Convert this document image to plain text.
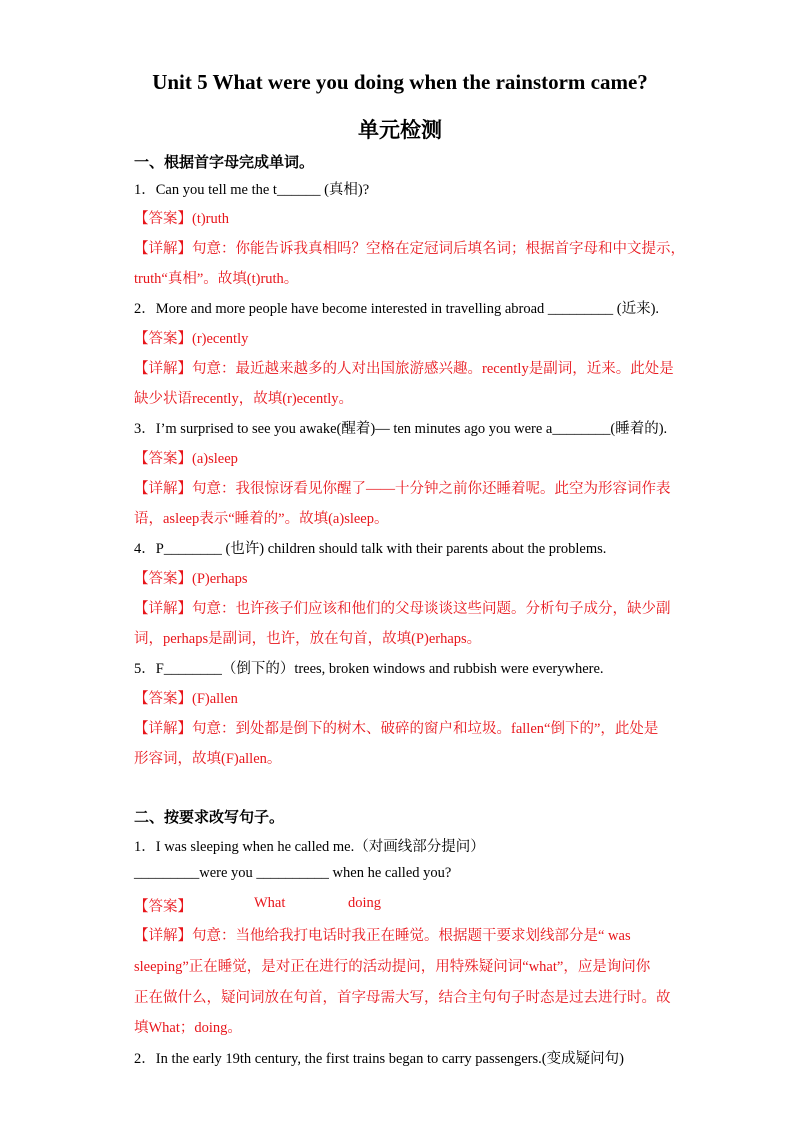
Unit 5 What were you doing when the rainstorm came?
单元检测
一、根据首字母完成单词。
1．Can you tell me the t______ (真相)?
【答案】(t)ruth
【详解】句意：你能告诉我真相吗？空格在定冠词后填名词；根据首字母和中文提示，
truth“真相”。故填(t)ruth。
2．More and more people have become interested in travelling abroad _________ (近来).
【答案】(r)ecently
【详解】句意：最近越来越多的人对出国旅游感兴趣。recently是副词，近来。此处是
缺少状语recently，故填(r)ecently。
3．I’m surprised to see you awake(醒着)— ten minutes ago you were a________(睡着的).
【答案】(a)sleep
【详解】句意：我很惊讶看见你醒了——十分钟之前你还睡着呢。此空为形容词作表
语，asleep表示“睡着的”。故填(a)sleep。
4．P________ (也许) children should talk with their parents about the problems.
【答案】(P)erhaps
【详解】句意：也许孩子们应该和他们的父母谈谈这些问题。分析句子成分，缺少副
词，perhaps是副词，也许，放在句首，故填(P)erhaps。
5．F________（倒下的）trees, broken windows and rubbish were everywhere.
【答案】(F)allen
【详解】句意：到处都是倒下的树木、破碎的窗户和垃圾。fallen“倒下的”，此处是
形容词，故填(F)allen。
二、按要求改写句子。
1．I was sleeping when he called me.（对画线部分提问）
_________were you __________ when he called you?
【答案】	What	doing
【详解】句意：当他给我打电话时我正在睡觉。根据题干要求划线部分是“ was
sleeping”正在睡觉，是对正在进行的活动提问，用特殊疑问词“what”，应是询问你
正在做什么，疑问词放在句首，首字母需大写，结合主句句子时态是过去进行时。故
填What；doing。
2．In the early 19th century, the first trains began to carry passengers.(变成疑问句)
